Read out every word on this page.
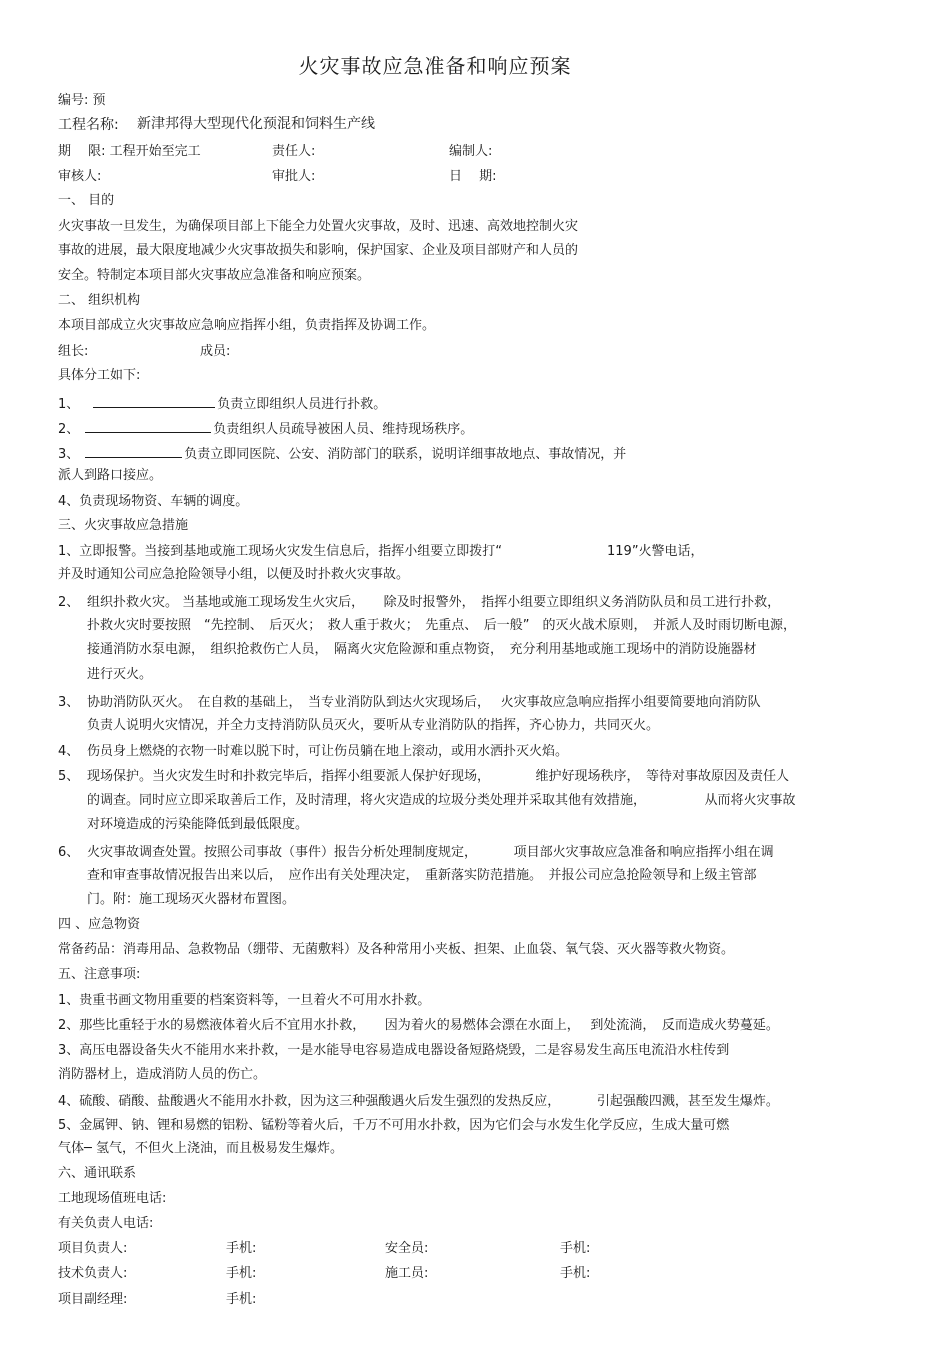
火灾事故应急准备和响应预案
编号: 预
工程名称: 新津邦得大型现代化预混和饲料生产线
期　 限: 工程开始至完工	责任人:	编制人:
审核人:	审批人:	日　 期:
一、 目的
火灾事故一旦发生，为确保项目部上下能全力处置火灾事故，及时、迅速、高效地控制火灾
事故的进展，最大限度地减少火灾事故损失和影响，保护国家、企业及项目部财产和人员的
安全。特制定本项目部火灾事故应急准备和响应预案。
二、 组织机构
本项目部成立火灾事故应急响应指挥小组，负责指挥及协调工作。
组长:	成员:
具体分工如下:
1、	负责立即组织人员进行扑救。
2、	负责组织人员疏导被困人员、维持现场秩序。
3、	负责立即同医院、公安、消防部门的联系，说明详细事故地点、事故情况，并
派人到路口接应。
4、负责现场物资、车辆的调度。
三、火灾事故应急措施
1、立即报警。当接到基地或施工现场火灾发生信息后，指挥小组要立即拨打“	119”火警电话，
并及时通知公司应急抢险领导小组，以便及时扑救火灾事故。
2、 组织扑救火灾。 当基地或施工现场发生火灾后，　　除及时报警外，　指挥小组要立即组织义务消防队员和员工进行扑救，
扑救火灾时要按照　“先控制、　后灭火；　救人重于救火；　先重点、　后一般”　的灭火战术原则，　并派人及时雨切断电源，
接通消防水泵电源，　组织抢救伤亡人员，　隔离火灾危险源和重点物资，　充分利用基地或施工现场中的消防设施器材
进行灭火。
3、 协助消防队灭火。　在自救的基础上，　当专业消防队到达火灾现场后，　 火灾事故应急响应指挥小组要简要地向消防队
负责人说明火灾情况，并全力支持消防队员灭火，要听从专业消防队的指挥，齐心协力，共同灭火。
4、 伤员身上燃烧的衣物一时难以脱下时，可让伤员躺在地上滚动，或用水洒扑灭火焰。
5、 现场保护。当火灾发生时和扑救完毕后，指挥小组要派人保护好现场，　　　　维护好现场秩序，　等待对事故原因及责任人
的调查。同时应立即采取善后工作，及时清理，将火灾造成的垃圾分类处理并采取其他有效措施，　　　　　从而将火灾事故
对环境造成的污染能降低到最低限度。
6、 火灾事故调查处置。按照公司事故（事件）报告分析处理制度规定，　　　 项目部火灾事故应急准备和响应指挥小组在调
查和审查事故情况报告出来以后，　应作出有关处理决定，　重新落实防范措施。　并报公司应急抢险领导和上级主管部
门。附：施工现场灭火器材布置图。
四 、应急物资
常备药品：消毒用品、急救物品（绷带、无菌敷料）及各种常用小夹板、担架、止血袋、氧气袋、灭火器等救火物资。
五、注意事项:
1、贵重书画文物用重要的档案资料等，一旦着火不可用水扑救。
2、那些比重轻于水的易燃液体着火后不宜用水扑救，　　因为着火的易燃体会漂在水面上，　 到处流淌，　反而造成火势蔓延。
3、高压电器设备失火不能用水来扑救，一是水能导电容易造成电器设备短路烧毁，二是容易发生高压电流沿水柱传到
消防器材上，造成消防人员的伤亡。
4、硫酸、硝酸、盐酸遇火不能用水扑救，因为这三种强酸遇火后发生强烈的发热反应，　　　 引起强酸四溅，甚至发生爆炸。
5、金属钾、钠、锂和易燃的铝粉、锰粉等着火后，千万不可用水扑救，因为它们会与水发生化学反应，生成大量可燃
气体─ 氢气，不但火上浇油，而且极易发生爆炸。
六、通讯联系
工地现场值班电话:
有关负责人电话:
项目负责人:	手机:	安全员:	手机:
技术负责人:	手机:	施工员:	手机:
项目副经理:	手机:
